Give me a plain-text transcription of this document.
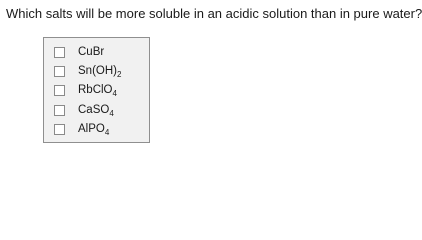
Which salts will be more soluble in an acidic solution than in pure water?
CuBr
$Sn(OH)_2$
RbClO$_4$
CaSO$_4$
AlPO$_4$
